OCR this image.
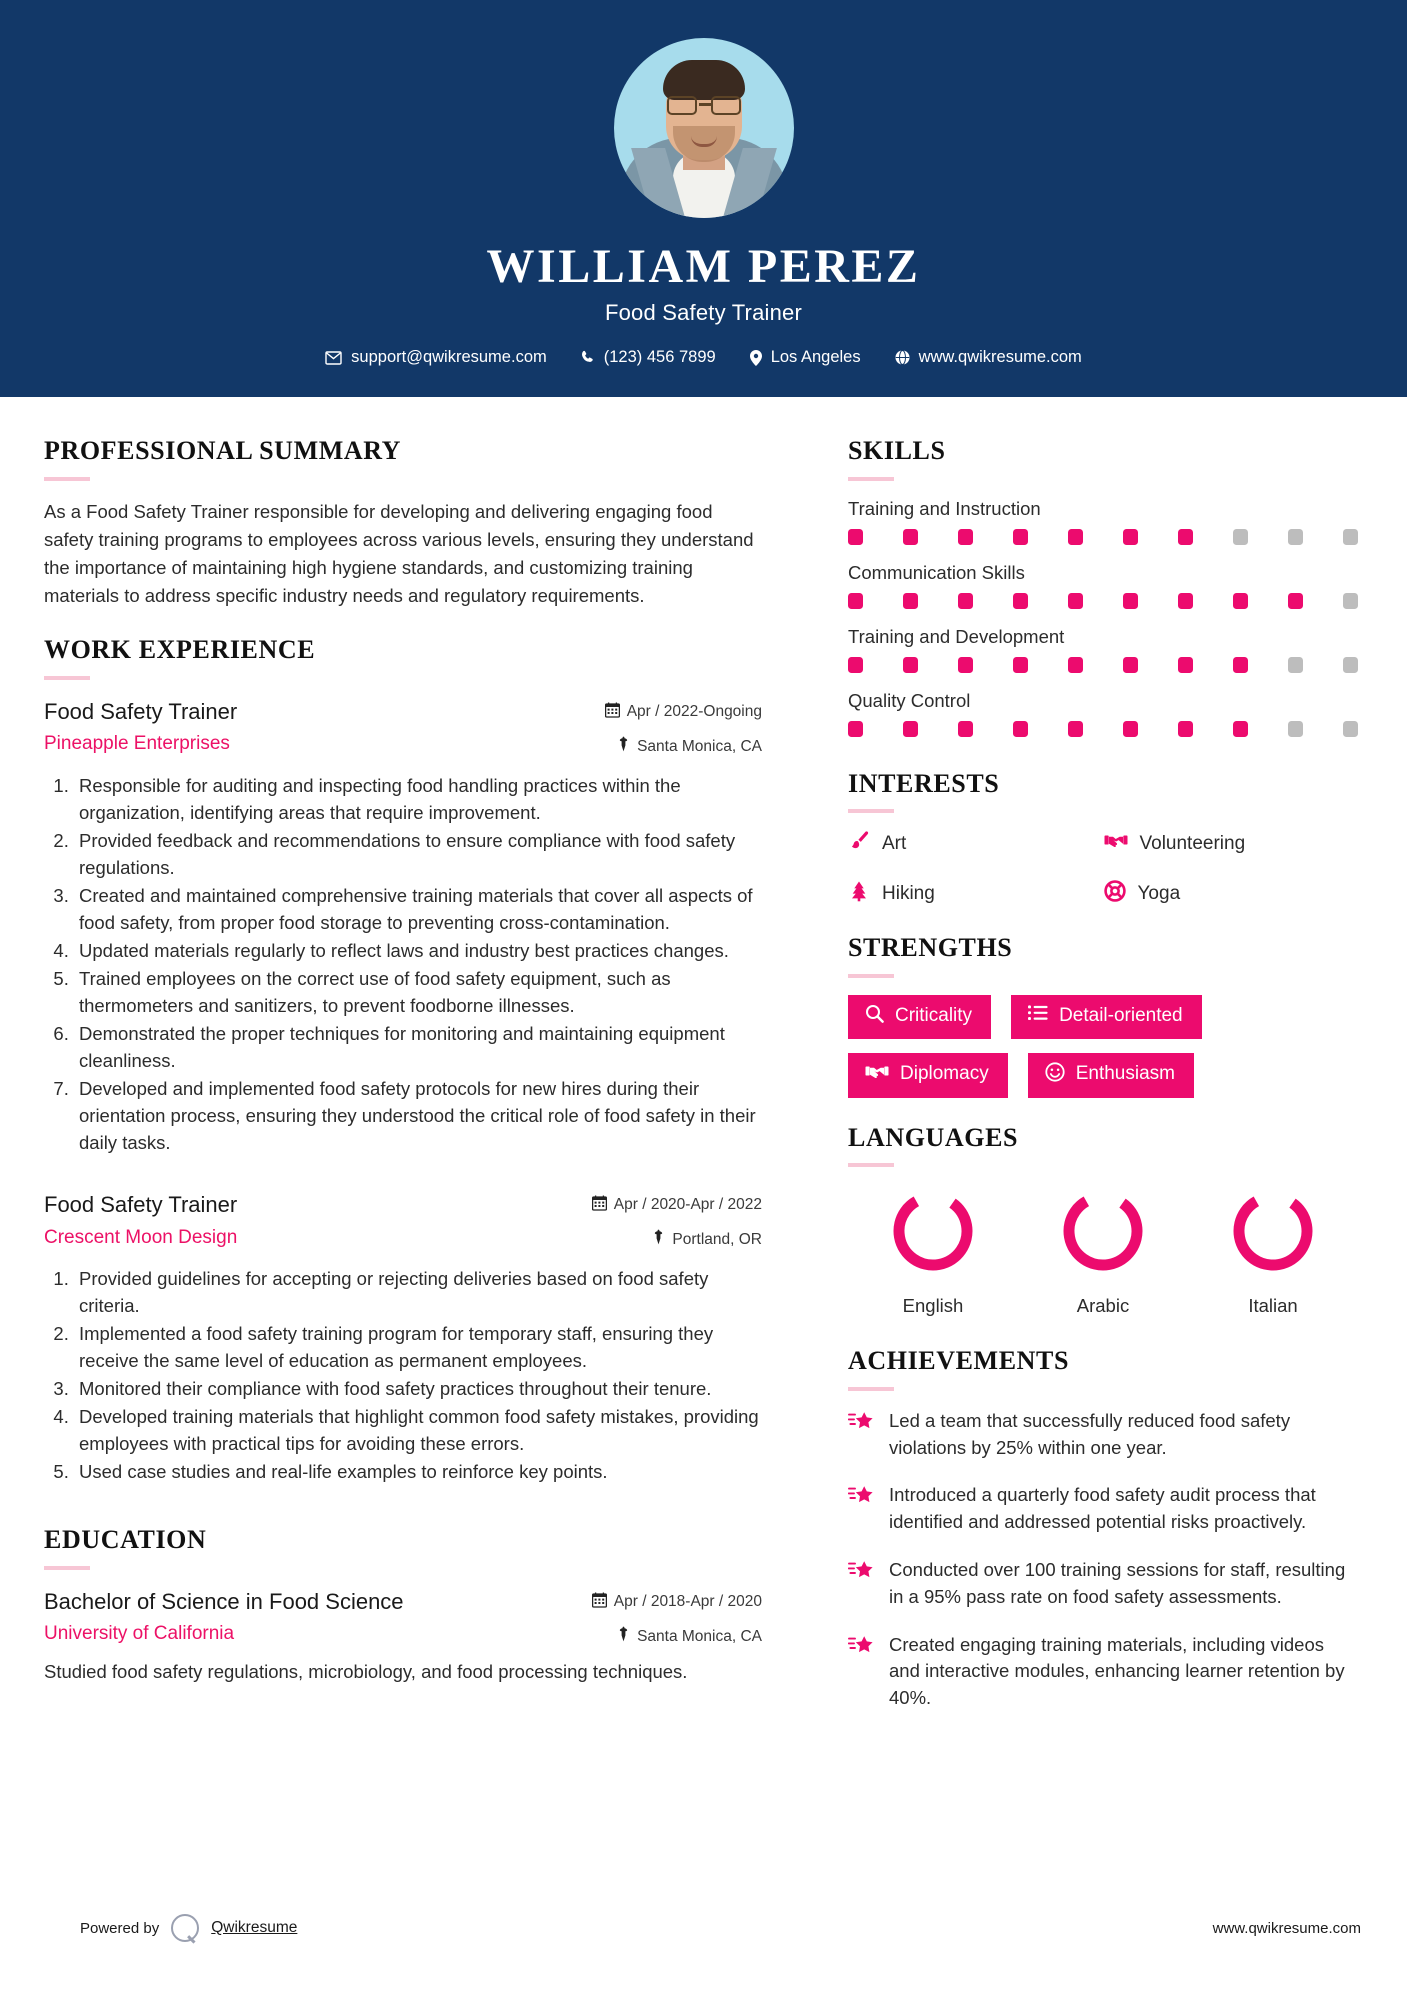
WILLIAM PEREZ
Food Safety Trainer
support@qwikresume.com	(123) 456 7899	Los Angeles	www.qwikresume.com
PROFESSIONAL SUMMARY
As a Food Safety Trainer responsible for developing and delivering engaging food safety training programs to employees across various levels, ensuring they understand the importance of maintaining high hygiene standards, and customizing training materials to address specific industry needs and regulatory requirements.
WORK EXPERIENCE
Food Safety Trainer
Pineapple Enterprises
Apr / 2022-Ongoing
Santa Monica, CA
1. Responsible for auditing and inspecting food handling practices within the organization, identifying areas that require improvement.
2. Provided feedback and recommendations to ensure compliance with food safety regulations.
3. Created and maintained comprehensive training materials that cover all aspects of food safety, from proper food storage to preventing cross-contamination.
4. Updated materials regularly to reflect laws and industry best practices changes.
5. Trained employees on the correct use of food safety equipment, such as thermometers and sanitizers, to prevent foodborne illnesses.
6. Demonstrated the proper techniques for monitoring and maintaining equipment cleanliness.
7. Developed and implemented food safety protocols for new hires during their orientation process, ensuring they understood the critical role of food safety in their daily tasks.
Food Safety Trainer
Crescent Moon Design
Apr / 2020-Apr / 2022
Portland, OR
1. Provided guidelines for accepting or rejecting deliveries based on food safety criteria.
2. Implemented a food safety training program for temporary staff, ensuring they receive the same level of education as permanent employees.
3. Monitored their compliance with food safety practices throughout their tenure.
4. Developed training materials that highlight common food safety mistakes, providing employees with practical tips for avoiding these errors.
5. Used case studies and real-life examples to reinforce key points.
EDUCATION
Bachelor of Science in Food Science
University of California
Apr / 2018-Apr / 2020
Santa Monica, CA
Studied food safety regulations, microbiology, and food processing techniques.
SKILLS
Training and Instruction
Communication Skills
Training and Development
Quality Control
INTERESTS
Art	Volunteering
Hiking	Yoga
STRENGTHS
Criticality	Detail-oriented
Diplomacy	Enthusiasm
LANGUAGES
English	Arabic	Italian
ACHIEVEMENTS
Led a team that successfully reduced food safety violations by 25% within one year.
Introduced a quarterly food safety audit process that identified and addressed potential risks proactively.
Conducted over 100 training sessions for staff, resulting in a 95% pass rate on food safety assessments.
Created engaging training materials, including videos and interactive modules, enhancing learner retention by 40%.
Powered by	Qwikresume	www.qwikresume.com
